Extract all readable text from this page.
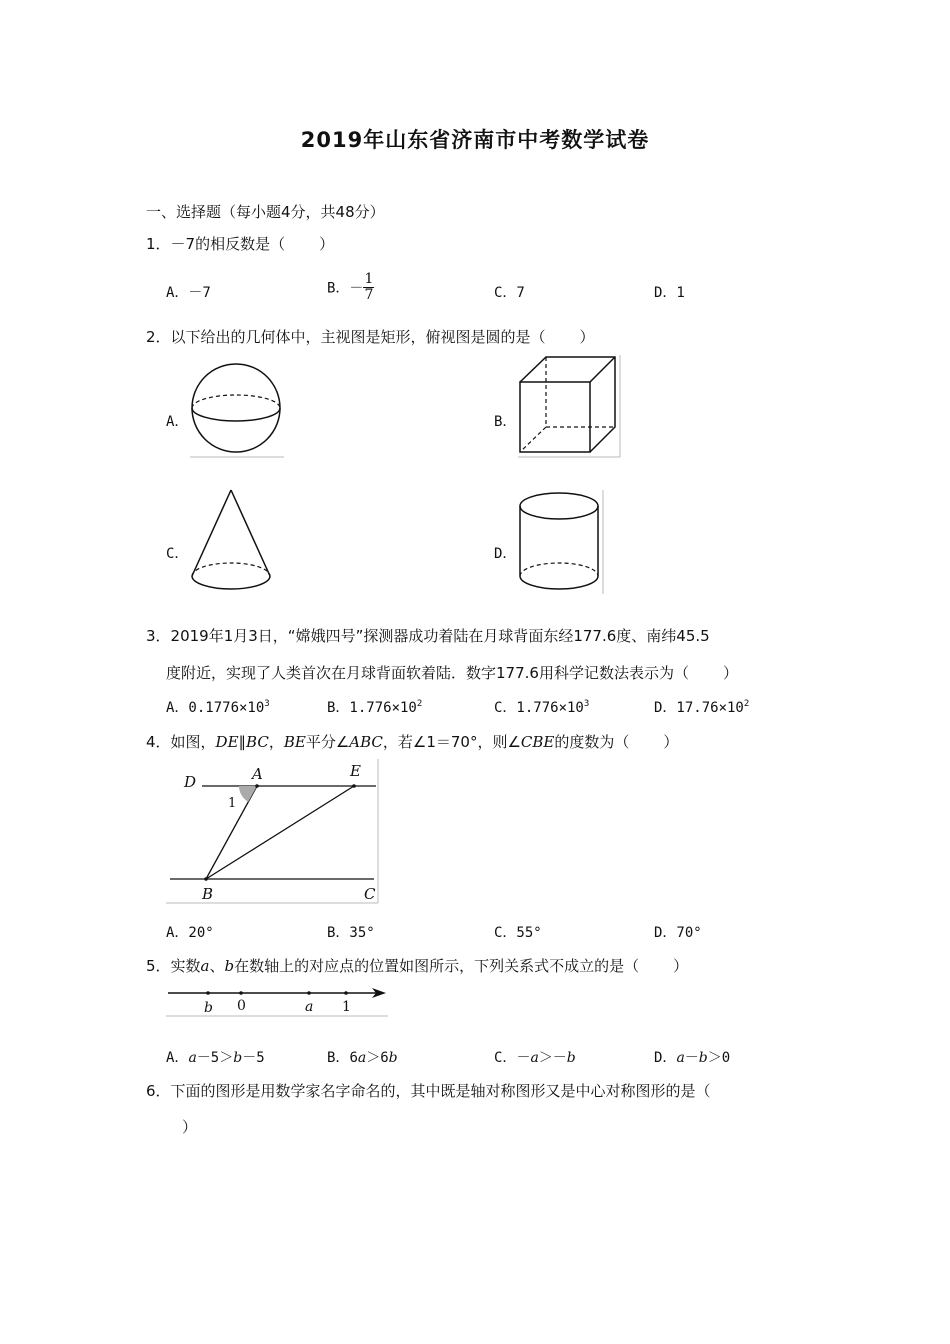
2019年山东省济南市中考数学试卷
一、选择题（每小题4分，共48分）
1．－7的相反数是（ ）
A．－7	B．－ $\frac{1}{7}$	C．7	D．1
2．以下给出的几何体中，主视图是矩形，俯视图是圆的是（ ）
A．	B．
C．	D．
3．2019年1月3日，“嫦娥四号”探测器成功着陆在月球背面东经177.6度、南纬45.5
度附近，实现了人类首次在月球背面软着陆．数字177.6用科学记数法表示为（ ）
A．$0.1776\times 10^3$	B．$1.776\times 10^2$	C．$1.776\times 10^3$	D．$17.76\times 10^2$
4．如图，DE∥BC，BE平分∠ABC，若∠1＝70°，则∠CBE的度数为（ ）
D	A	E
1
B	C
A．20°	B．35°	C．55°	D．70°
5．实数a、b在数轴上的对应点的位置如图所示，下列关系式不成立的是（ ）
b 0	a 1
A．a－5＞b－5	B．6a＞6b	C．－a＞－b	D．a－b＞0
6．下面的图形是用数学家名字命名的，其中既是轴对称图形又是中心对称图形的是（
）
